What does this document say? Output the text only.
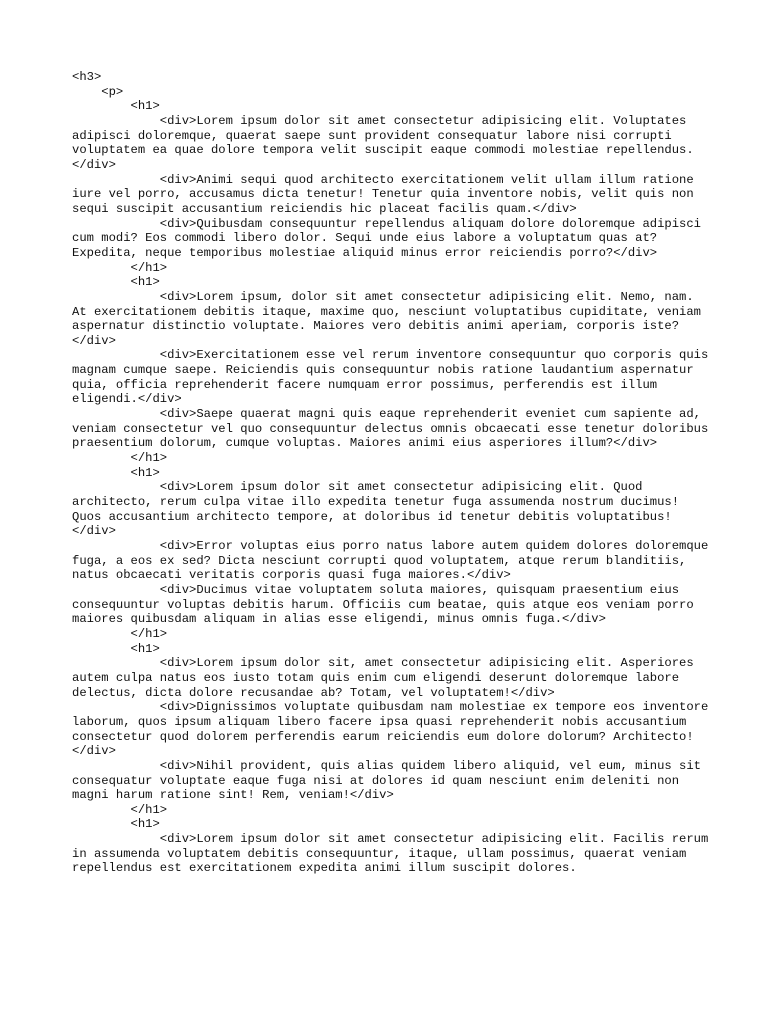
<h3>
<p>
<h1>
<div>Lorem ipsum dolor sit amet consectetur adipisicing elit. Voluptates adipisci doloremque, quaerat saepe sunt provident consequatur labore nisi corrupti voluptatem ea quae dolore tempora velit suscipit eaque commodi molestiae repellendus.</div>
<div>Animi sequi quod architecto exercitationem velit ullam illum ratione iure vel porro, accusamus dicta tenetur! Tenetur quia inventore nobis, velit quis non sequi suscipit accusantium reiciendis hic placeat facilis quam.</div>
<div>Quibusdam consequuntur repellendus aliquam dolore doloremque adipisci cum modi? Eos commodi libero dolor. Sequi unde eius labore a voluptatum quas at? Expedita, neque temporibus molestiae aliquid minus error reiciendis porro?</div>
</h1>
<h1>
<div>Lorem ipsum, dolor sit amet consectetur adipisicing elit. Nemo, nam. At exercitationem debitis itaque, maxime quo, nesciunt voluptatibus cupiditate, veniam aspernatur distinctio voluptate. Maiores vero debitis animi aperiam, corporis iste?</div>
<div>Exercitationem esse vel rerum inventore consequuntur quo corporis quis magnam cumque saepe. Reiciendis quis consequuntur nobis ratione laudantium aspernatur quia, officia reprehenderit facere numquam error possimus, perferendis est illum eligendi.</div>
<div>Saepe quaerat magni quis eaque reprehenderit eveniet cum sapiente ad, veniam consectetur vel quo consequuntur delectus omnis obcaecati esse tenetur doloribus praesentium dolorum, cumque voluptas. Maiores animi eius asperiores illum?</div>
</h1>
<h1>
<div>Lorem ipsum dolor sit amet consectetur adipisicing elit. Quod architecto, rerum culpa vitae illo expedita tenetur fuga assumenda nostrum ducimus! Quos accusantium architecto tempore, at doloribus id tenetur debitis voluptatibus!</div>
<div>Error voluptas eius porro natus labore autem quidem dolores doloremque fuga, a eos ex sed? Dicta nesciunt corrupti quod voluptatem, atque rerum blanditiis, natus obcaecati veritatis corporis quasi fuga maiores.</div>
<div>Ducimus vitae voluptatem soluta maiores, quisquam praesentium eius consequuntur voluptas debitis harum. Officiis cum beatae, quis atque eos veniam porro maiores quibusdam aliquam in alias esse eligendi, minus omnis fuga.</div>
</h1>
<h1>
<div>Lorem ipsum dolor sit, amet consectetur adipisicing elit. Asperiores autem culpa natus eos iusto totam quis enim cum eligendi deserunt doloremque labore delectus, dicta dolore recusandae ab? Totam, vel voluptatem!</div>
<div>Dignissimos voluptate quibusdam nam molestiae ex tempore eos inventore laborum, quos ipsum aliquam libero facere ipsa quasi reprehenderit nobis accusantium consectetur quod dolorem perferendis earum reiciendis eum dolore dolorum? Architecto!</div>
<div>Nihil provident, quis alias quidem libero aliquid, vel eum, minus sit consequatur voluptate eaque fuga nisi at dolores id quam nesciunt enim deleniti non magni harum ratione sint! Rem, veniam!</div>
</h1>
<h1>
<div>Lorem ipsum dolor sit amet consectetur adipisicing elit. Facilis rerum in assumenda voluptatem debitis consequuntur, itaque, ullam possimus, quaerat veniam repellendus est exercitationem expedita animi illum suscipit dolores.
